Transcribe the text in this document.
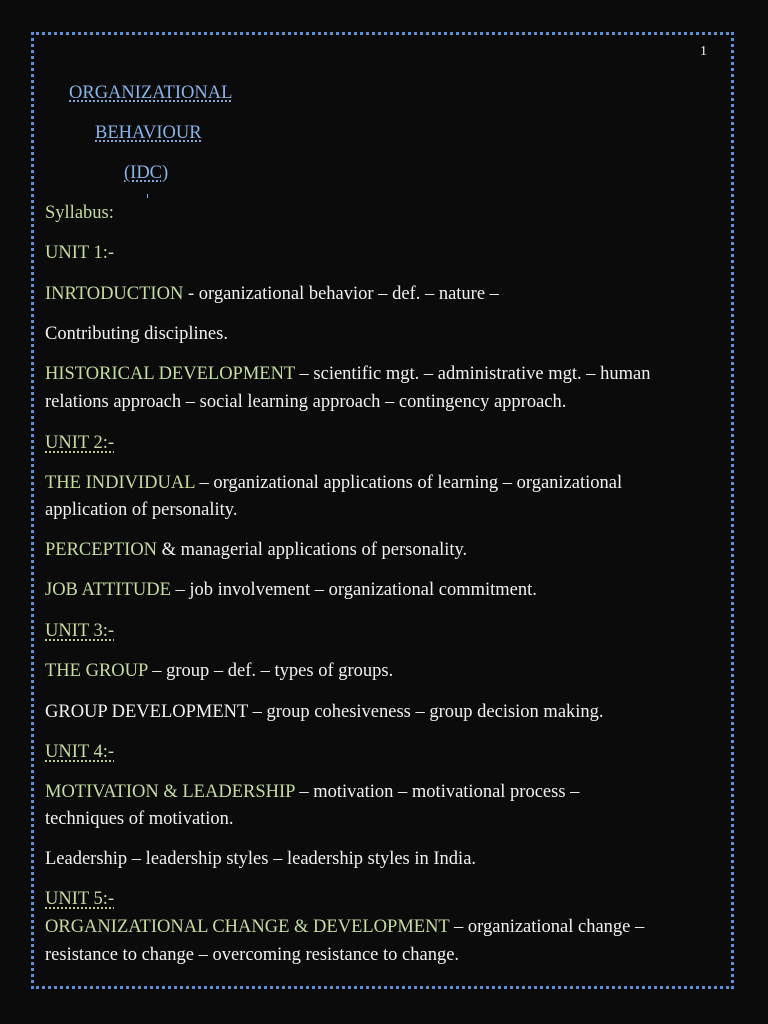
1
ORGANIZATIONAL
BEHAVIOUR
(IDC)
Syllabus:
UNIT 1:-
INRTODUCTION - organizational behavior – def. – nature –
Contributing disciplines.
HISTORICAL DEVELOPMENT – scientific mgt. – administrative mgt. – human
relations approach – social learning approach – contingency approach.
UNIT 2:-
THE INDIVIDUAL – organizational applications of learning – organizational
application of personality.
PERCEPTION & managerial applications of personality.
JOB ATTITUDE – job involvement – organizational commitment.
UNIT 3:-
THE GROUP – group – def. – types of groups.
GROUP DEVELOPMENT – group cohesiveness – group decision making.
UNIT 4:-
MOTIVATION & LEADERSHIP – motivation – motivational process –
techniques of motivation.
Leadership – leadership styles – leadership styles in India.
UNIT 5:-
ORGANIZATIONAL CHANGE & DEVELOPMENT – organizational change –
resistance to change – overcoming resistance to change.
